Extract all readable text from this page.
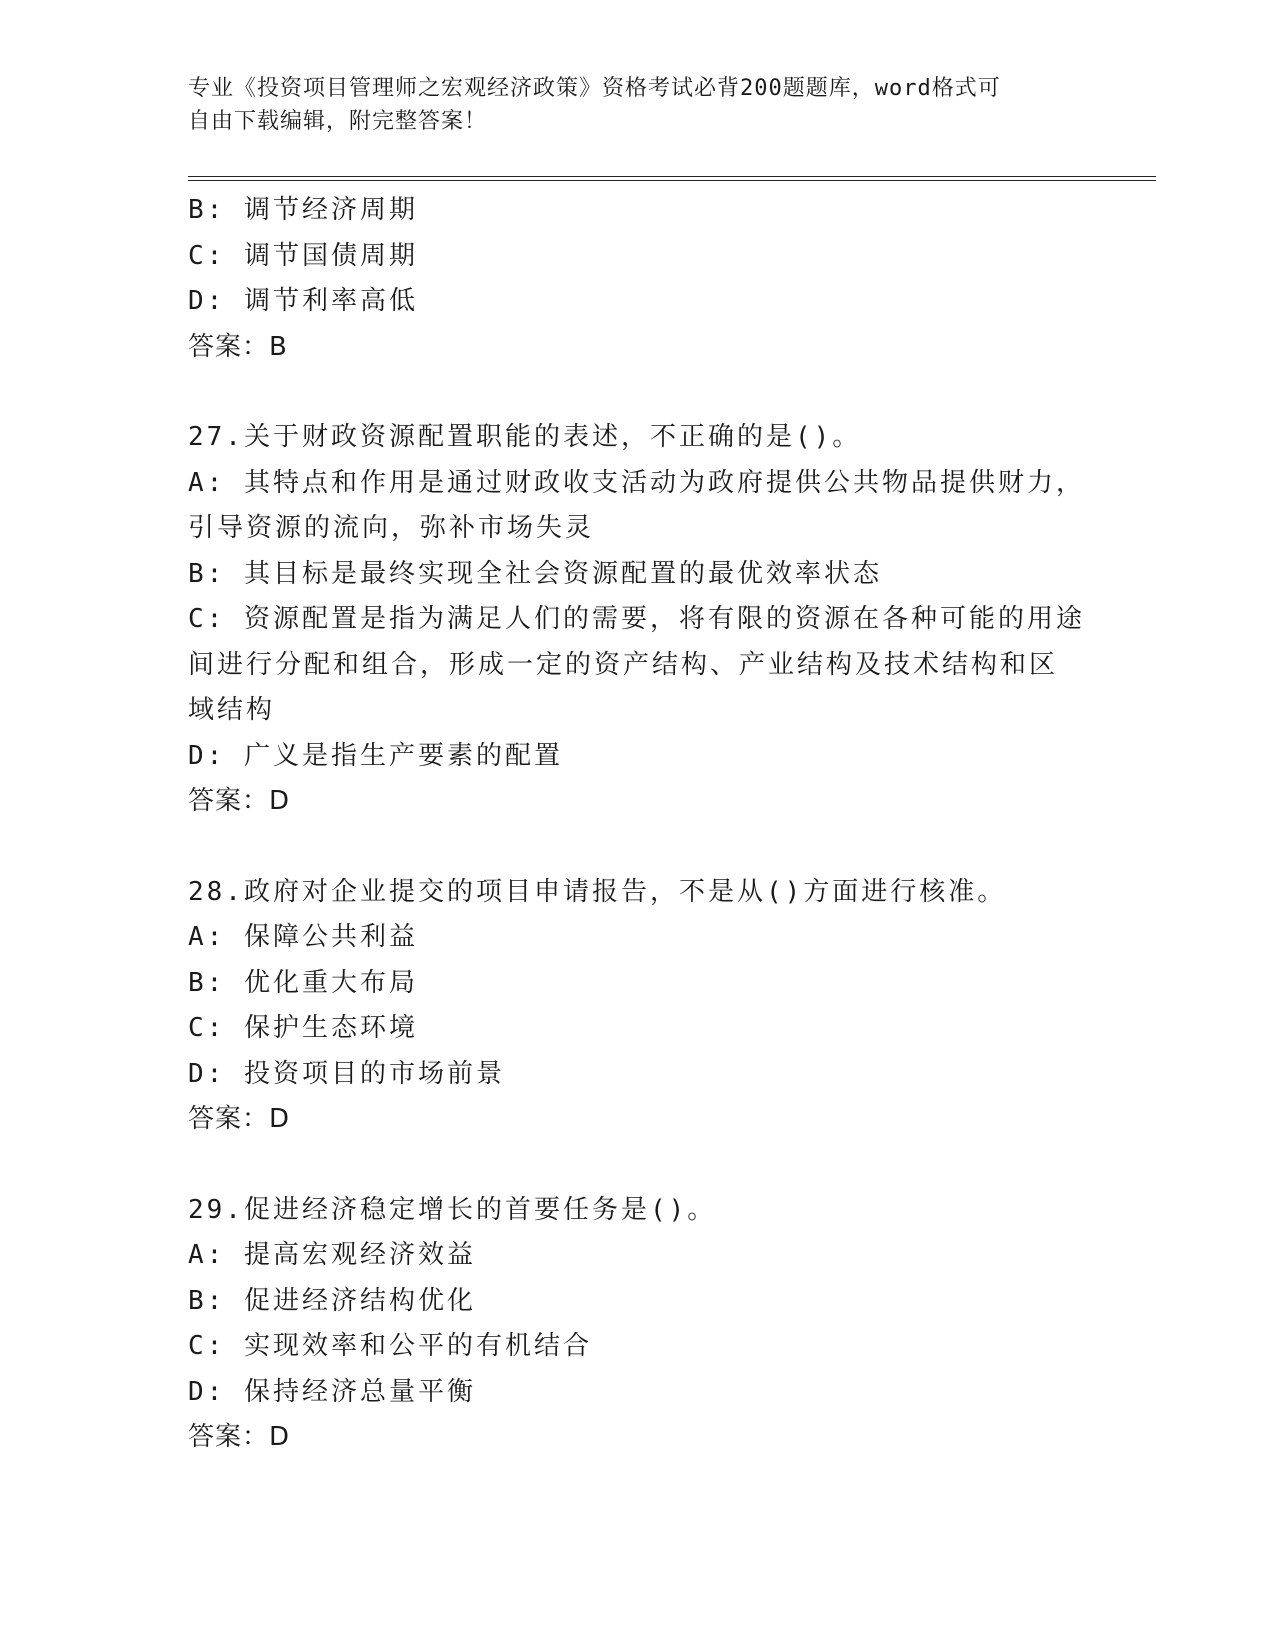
专业《投资项目管理师之宏观经济政策》资格考试必背200题题库，word格式可
自由下载编辑，附完整答案！
B: 调节经济周期
C: 调节国债周期
D: 调节利率高低
答案：B
27.关于财政资源配置职能的表述，不正确的是()。
A: 其特点和作用是通过财政收支活动为政府提供公共物品提供财力，
引导资源的流向，弥补市场失灵
B: 其目标是最终实现全社会资源配置的最优效率状态
C: 资源配置是指为满足人们的需要，将有限的资源在各种可能的用途
间进行分配和组合，形成一定的资产结构、产业结构及技术结构和区
域结构
D: 广义是指生产要素的配置
答案：D
28.政府对企业提交的项目申请报告，不是从()方面进行核准。
A: 保障公共利益
B: 优化重大布局
C: 保护生态环境
D: 投资项目的市场前景
答案：D
29.促进经济稳定增长的首要任务是()。
A: 提高宏观经济效益
B: 促进经济结构优化
C: 实现效率和公平的有机结合
D: 保持经济总量平衡
答案：D
